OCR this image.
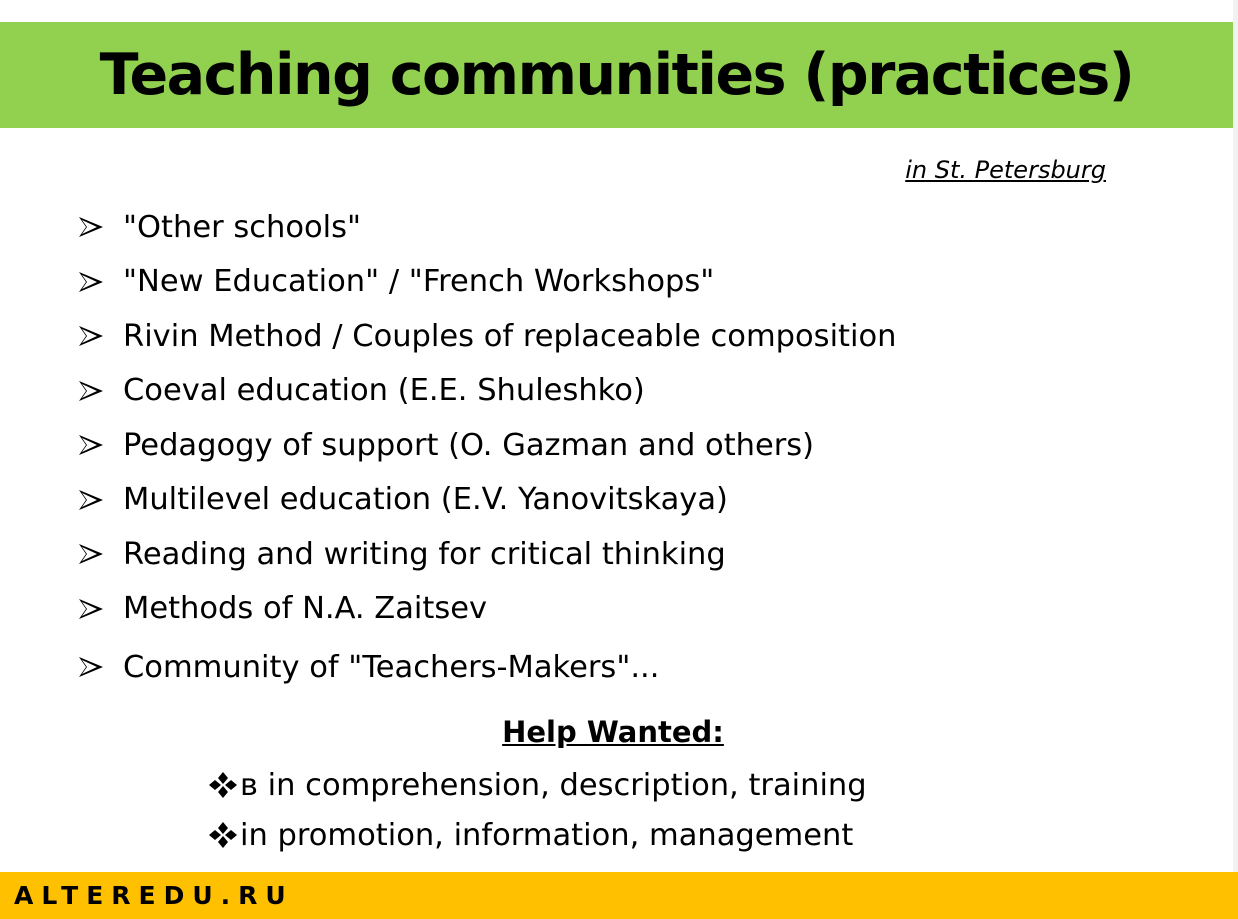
Teaching communities (practices)
in St. Petersburg
"Other schools"
"New Education" / "French Workshops"
Rivin Method / Couples of replaceable composition
Coeval education (E.E. Shuleshko)
Pedagogy of support (O. Gazman and others)
Multilevel education (E.V. Yanovitskaya)
Reading and writing for critical thinking
Methods of N.A. Zaitsev
Community of "Teachers-Makers"...
Help Wanted:
в in comprehension, description, training
in promotion, information, management
ALTEREDU.RU
